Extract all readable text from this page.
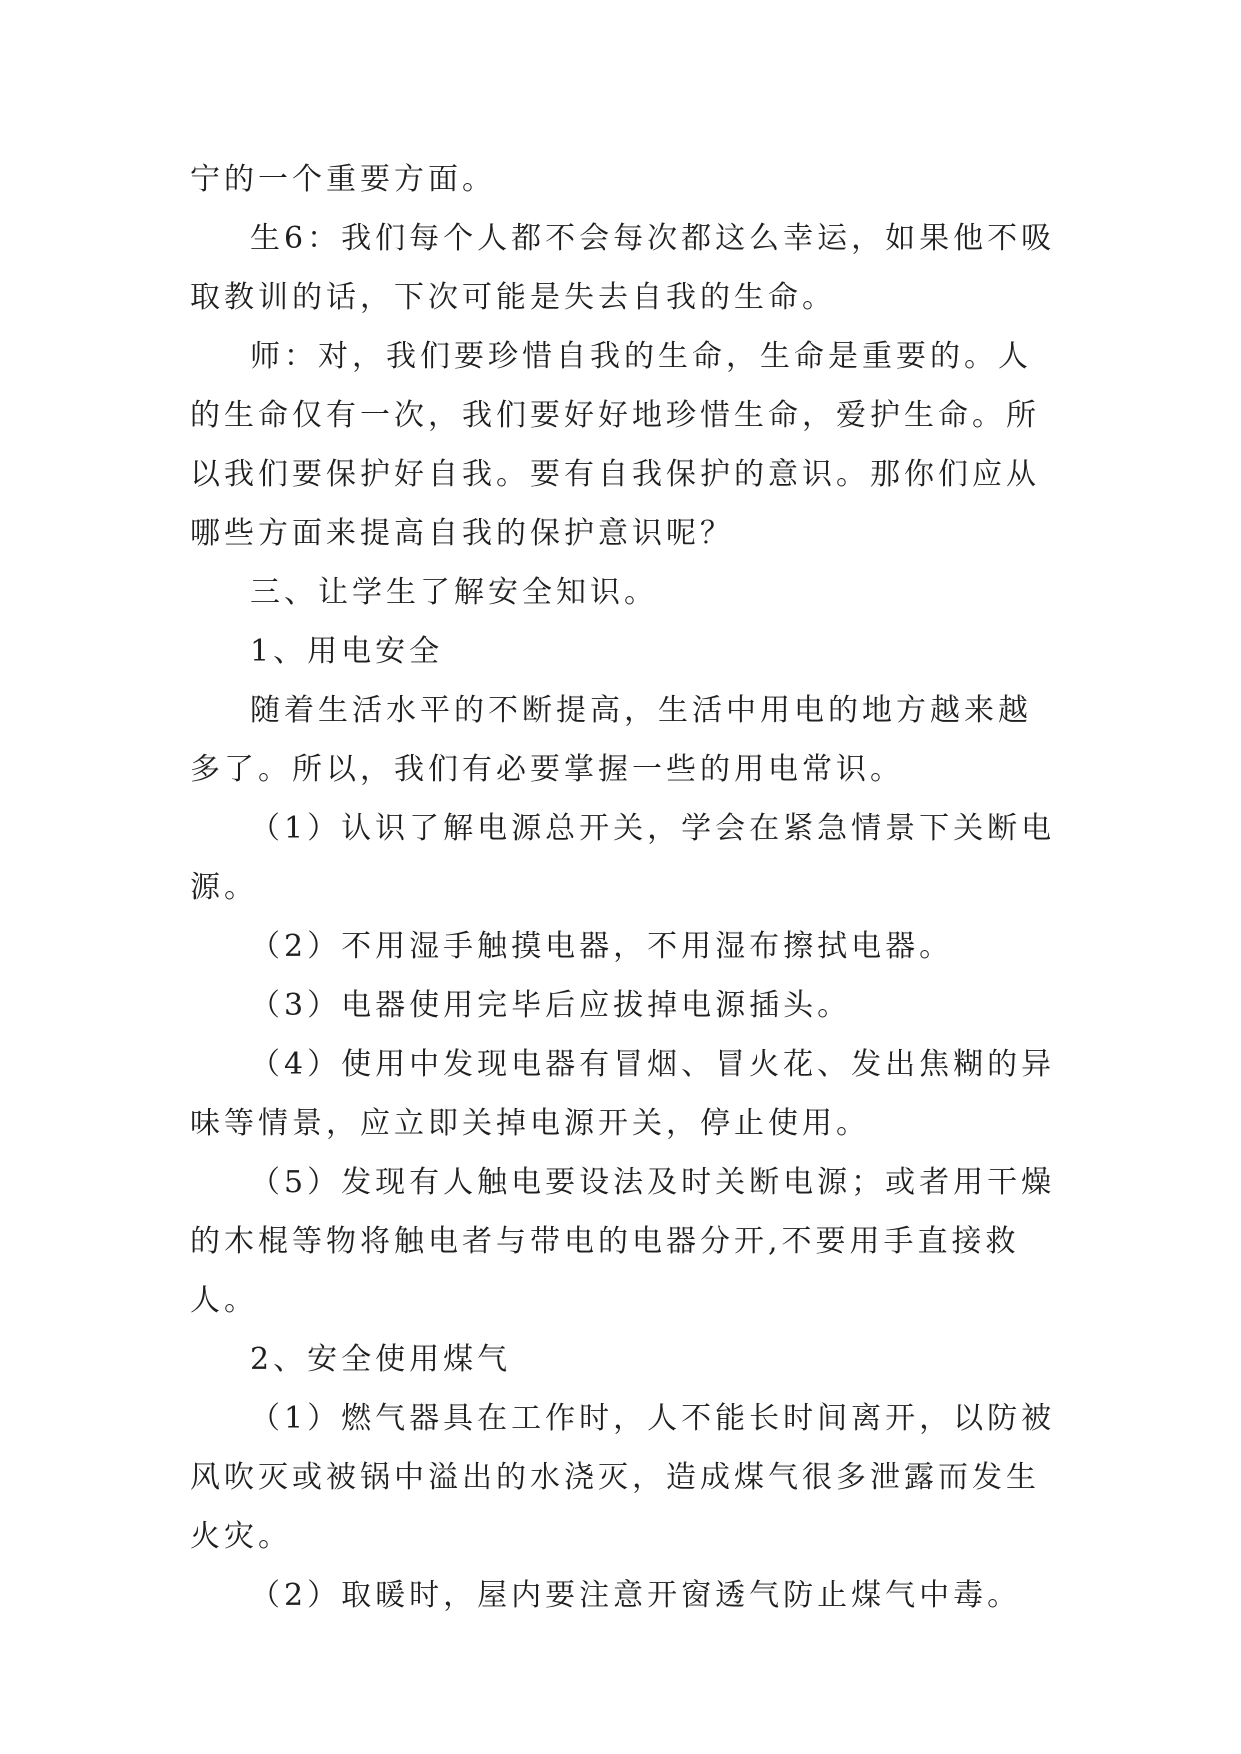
宁的一个重要方面。

生6：我们每个人都不会每次都这么幸运，如果他不吸取教训的话，下次可能是失去自我的生命。

师：对，我们要珍惜自我的生命，生命是重要的。人的生命仅有一次，我们要好好地珍惜生命，爱护生命。所以我们要保护好自我。要有自我保护的意识。那你们应从哪些方面来提高自我的保护意识呢？

三、让学生了解安全知识。

1、用电安全

随着生活水平的不断提高，生活中用电的地方越来越多了。所以，我们有必要掌握一些的用电常识。

（1）认识了解电源总开关，学会在紧急情景下关断电源。

（2）不用湿手触摸电器，不用湿布擦拭电器。

（3）电器使用完毕后应拔掉电源插头。

（4）使用中发现电器有冒烟、冒火花、发出焦糊的异味等情景，应立即关掉电源开关，停止使用。

（5）发现有人触电要设法及时关断电源；或者用干燥的木棍等物将触电者与带电的电器分开,不要用手直接救人。

2、安全使用煤气

（1）燃气器具在工作时，人不能长时间离开，以防被风吹灭或被锅中溢出的水浇灭，造成煤气很多泄露而发生火灾。

（2）取暖时，屋内要注意开窗透气防止煤气中毒。
